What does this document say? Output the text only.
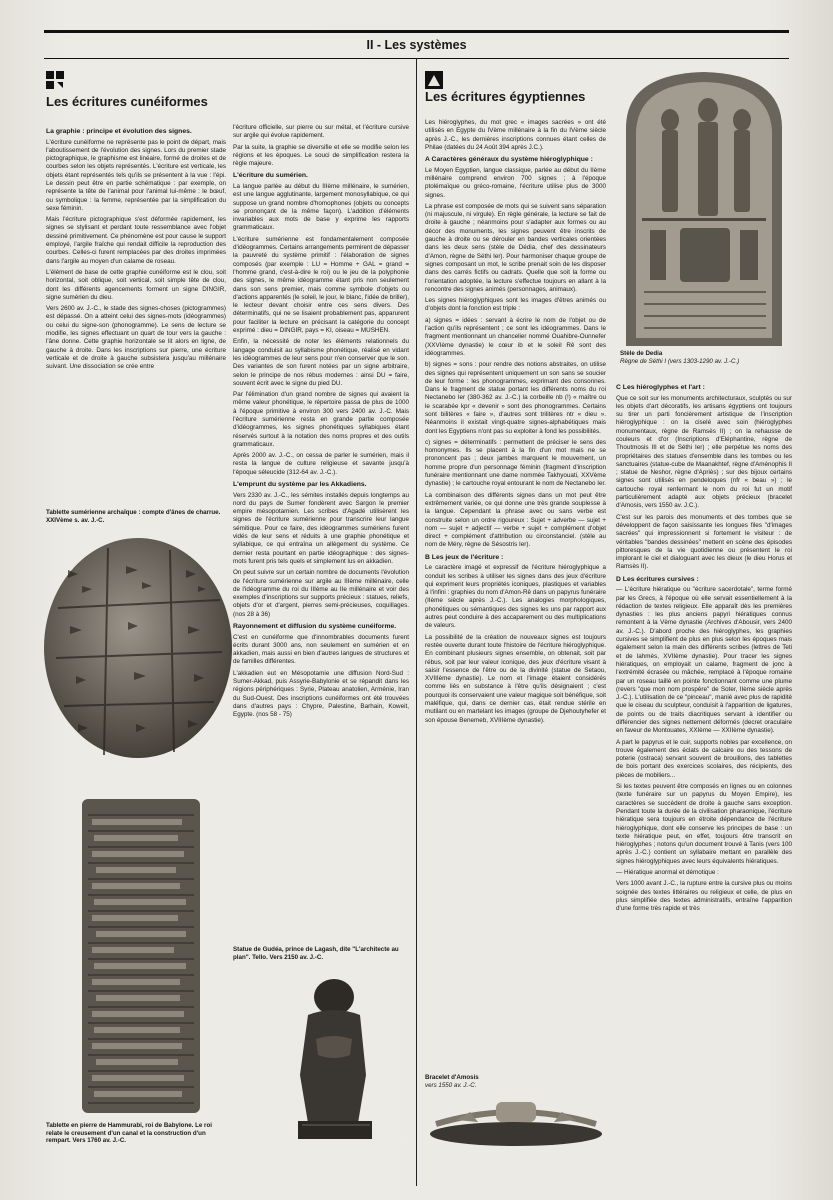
II - Les systèmes
Les écritures cunéiformes
La graphie : principe et évolution des signes.

L'écriture cunéiforme ne représente pas le point de départ, mais l'aboutissement de l'évolution des signes. Lors du premier stade pictographique, le graphisme est linéaire, formé de droites et de courbes selon les objets représentés. L'écriture est verticale, les objets étant représentés tels qu'ils se présentent à la vue : l'épi. Le dessin peut être en partie schématique : par exemple, on représente la tête de l'animal pour l'animal lui-même : le bœuf, ou symbolique : la femme, représentée par la simplification du sexe féminin.

Mais l'écriture pictographique s'est déformée rapidement, les signes se stylisant et perdant toute ressemblance avec l'objet dessiné primitivement. Ce phénomène est pour cause le support employé, l'argile fraîche qui rendait difficile la reproduction des courbes. Celles-ci furent remplacées par des droites imprimées dans l'argile au moyen d'un calame de roseau.

L'élément de base de cette graphie cunéiforme est le clou, soit horizontal, soit oblique, soit vertical, soit simple tête de clou, dont les différents agencements forment un signe DINGIR, signe sumérien du dieu.

Vers 2600 av. J.-C., le stade des signes-choses (pictogrammes) est dépassé. On a atteint celui des signes-mots (idéogrammes) ou celui du signe-son (phonogramme). Le sens de lecture se modifie, les signes effectuant un quart de tour vers la gauche : l'âne donne. Cette graphie horizontale se lit alors en ligne, de gauche à droite. Dans les inscriptions sur pierre, une écriture verticale et de droite à gauche subsistera jusqu'au millénaire suivant. Une dissociation se crée entre

Tablette sumérienne archaïque : compte d'ânes de charrue. XXIVème s. av. J.-C.
Tablette en pierre de Hammurabi, roi de Babylone. Le roi relate le creusement d'un canal et la construction d'un rempart. Vers 1760 av. J.-C.

l'écriture officielle, sur pierre ou sur métal, et l'écriture cursive sur argile qui évolue rapidement.

Par la suite, la graphie se diversifie et elle se modifie selon les régions et les époques. Le souci de simplification restera la règle majeure.

L'écriture du sumérien.

La langue parlée au début du IIIème millénaire, le sumérien, est une langue agglutinante, largement monosyllabique, ce qui suppose un grand nombre d'homophones (objets ou concepts se prononçant de la même façon). L'addition d'éléments invariables aux mots de base y exprime les rapports grammaticaux.

L'écriture sumérienne est fondamentalement composée d'idéogrammes. Certains arrangements permirent de dépasser la pauvreté du système primitif : l'élaboration de signes composés (par exemple : LU = Homme + GAL = grand = l'homme grand, c'est-à-dire le roi) ou le jeu de la polyphonie des signes, le même idéogramme étant pris non seulement dans son sens premier, mais comme symbole d'objets ou d'actions apparentés (le soleil, le jour, le blanc, l'idée de briller), le lecteur devant choisir entre ces sens divers. Des déterminatifs, qui ne se lisaient probablement pas, apparurent pour faciliter la lecture en précisant la catégorie du concept exprimé : dieu = DINGIR, pays = KI, oiseau = MUSHEN.

Enfin, la nécessité de noter les éléments relationnels du langage conduisit au syllabisme phonétique, réalisé en vidant les idéogrammes de leur sens pour n'en conserver que le son. Des variantes de son furent notées par un signe arbitraire, selon le principe de nos rébus modernes : ainsi DU = faire, souvent écrit avec le signe du pied DU.

Par l'élimination d'un grand nombre de signes qui avaient la même valeur phonétique, le répertoire passa de plus de 1000 à l'époque primitive à environ 300 vers 2400 av. J.-C. Mais l'écriture sumérienne resta en grande partie composée d'idéogrammes, les signes phonétiques syllabiques étant réservés surtout à la notation des noms propres et des outils grammaticaux.

Après 2000 av. J.-C., on cessa de parler le sumérien, mais il resta la langue de culture religieuse et savante jusqu'à l'époque séleucide (312-64 av. J.-C.).

L'emprunt du système par les Akkadiens.

Vers 2330 av. J.-C., les sémites installés depuis longtemps au nord du pays de Sumer fondèrent avec Sargon le premier empire mésopotamien. Les scribes d'Agadé utilisèrent les signes de l'écriture sumérienne pour transcrire leur langue sémitique. Pour ce faire, des idéogrammes sumériens furent vidés de leur sens et réduits à une graphie phonétique et syllabique, ce qui entraîna un allègement du système. Ce dernier resta pourtant en partie idéographique : des signes-mots furent pris tels quels et simplement lus en akkadien.

On peut suivre sur un certain nombre de documents l'évolution de l'écriture sumérienne sur argile au IIIème millénaire, celle de l'idéogramme du roi du IIIème au IIe millénaire et voir des exemples d'inscriptions sur supports précieux : statues, reliefs, objets d'or et d'argent, pierres semi-précieuses, coquillages. (nos 28 à 36)

Rayonnement et diffusion du système cunéiforme.

C'est en cunéiforme que d'innombrables documents furent écrits durant 3000 ans, non seulement en sumérien et en akkadien, mais aussi en bien d'autres langues de structures et de familles différentes.

L'akkadien eut en Mésopotamie une diffusion Nord-Sud : Sumer-Akkad, puis Assyrie-Babylonie et se répandit dans les régions périphériques : Syrie, Plateau anatolien, Arménie, Iran du Sud-Ouest. Des inscriptions cunéiformes ont été trouvées dans d'autres pays : Chypre, Palestine, Barhain, Koweit, Egypte. (nos 58 - 75)

Statue de Gudéa, prince de Lagash, dite "L'architecte au plan". Tello. Vers 2150 av. J.-C.
Les écritures égyptiennes

Les hiéroglyphes, du mot grec « images sacrées » ont été utilisés en Egypte du IVème millénaire à la fin du IVème siècle après J.-C., les dernières inscriptions connues étant celles de Philae (datées du 24 Août 394 après J.C.).

A Caractères généraux du système hiéroglyphique :

Le Moyen Egyptien, langue classique, parlée au début du IIème millénaire comprend environ 700 signes ; à l'époque ptolémaïque ou gréco-romaine, l'écriture utilise plus de 3000 signes.

La phrase est composée de mots qui se suivent sans séparation (ni majuscule, ni virgule). En règle générale, la lecture se fait de droite à gauche ; néanmoins pour s'adapter aux formes ou au décor des monuments, les signes peuvent être inscrits de gauche à droite ou se dérouler en bandes verticales orientées dans les deux sens (stèle de Dédia, chef des dessinateurs d'Amon, règne de Séthi Ier). Pour harmoniser chaque groupe de signes composant un mot, le scribe prenait soin de les disposer dans des carrés fictifs ou cadrats. Quelle que soit la forme ou l'orientation adoptée, la lecture s'effectue toujours en allant à la rencontre des signes animés (personnages, animaux).

Les signes hiéroglyphiques sont les images d'êtres animés ou d'objets dont la fonction est triple :

a) signes = idées : servant à écrire le nom de l'objet ou de l'action qu'ils représentent ; ce sont les idéogrammes. Dans le fragment mentionnant un chancelier nommé Ouahibre-Ounnefer (XXVIème dynastie) le cœur ib et le soleil Rê sont des idéogrammes.

b) signes = sons : pour rendre des notions abstraites, on utilise des signes qui représentent uniquement un son sans se soucier de leur forme : les phonogrammes, exprimant des consonnes. Dans le fragment de statue portant les différents noms du roi Nectanebo Ier (380-362 av. J.-C.) la corbeille nb (!) « maître ou le scarabée kpr « devenir » sont des phonogrammes. Certains sont bilitères « faire », d'autres sont trilitères ntr « dieu ». Néanmoins il existait vingt-quatre signes-alphabétiques mais dont les Egyptiens n'ont pas su exploiter à fond les possibilités.

c) signes = déterminatifs : permettent de préciser le sens des homonymes. Ils se placent à la fin d'un mot mais ne se prononcent pas ; deux jambes marquent le mouvement, un homme propre d'un personnage féminin (fragment d'inscription funéraire mentionnant une dame nommée Takhyouati, XXVème dynastie) ; le cartouche royal entourant le nom de Nectanebo Ier.

La combinaison des différents signes dans un mot peut être extrêmement variée, ce qui donne une très grande souplesse à la langue. Cependant la phrase avec ou sans verbe est construite selon un ordre rigoureux : Sujet + adverbe — sujet + nom — sujet + adjectif — verbe + sujet + complément d'objet direct + complément d'attribution ou circonstanciel. (stèle au nom de Méry, règne de Sésostris Ier).

B Les jeux de l'écriture :

Le caractère imagé et expressif de l'écriture hiéroglyphique a conduit les scribes à utiliser les signes dans des jeux d'écriture qui expriment leurs propriétés iconiques, plastiques et variables à l'infini : graphies du nom d'Amon-Rê dans un papyrus funéraire (IIème siècle après J.-C.). Les analogies morphologiques, phonétiques ou sémantiques des signes les uns par rapport aux autres peut conduire à des accaparement ou des multiplications de valeurs.

La possibilité de la création de nouveaux signes est toujours restée ouverte durant toute l'histoire de l'écriture hiéroglyphique. En combinant plusieurs signes ensemble, on obtenait, soit par rébus, soit par leur valeur iconique, des jeux d'écriture visant à saisir l'essence de l'être ou de la divinité (statue de Setaou, XVIIIème dynastie). Le nom et l'image étaient considérés comme liés en substance à l'être qu'ils désignaient ; c'est pourquoi ils conservaient une valeur magique soit bénéfique, soit maléfique, qui, dans ce dernier cas, était rendue stérile en mutilant ou en martelant les images (groupe de Djehoutyhefer et son épouse Benemeb, XVIIIème dynastie).

Bracelet d'Amosis
vers 1550 av. J.-C.
Stèle de Dedia
Règne de Séthi I (vers 1303-1290 av. J.-C.)
C Les hiéroglyphes et l'art :

Que ce soit sur les monuments architecturaux, sculptés ou sur les objets d'art décoratifs, les artisans égyptiens ont toujours su tirer un parti foncièrement artistique de l'inscription hiéroglyphique : on la ciselé avec soin (hiéroglyphes monumentaux, règne de Ramsès II) ; on la rehausse de couleurs et d'or (Inscriptions d'Eléphantine, règne de Thoutmosis III et de Séthi Ier) ; elle perpétue les noms des propriétaires des statues d'ensemble dans les tombes ou les sanctuaires (statue-cube de Maanakhtef, règne d'Aménophis II ; statue de Neshor, règne d'Apriès) ; sur des bijoux certains signes sont utilisés en pendeloques (nfr « beau ») ; le cartouche royal renfermant le nom du roi fut un motif particulièrement adapté aux objets précieux (bracelet d'Amosis, vers 1550 av. J.C.).

C'est sur les parois des monuments et des tombes que se développent de façon saisissante les longues files "d'images sacrées" qui impressionnent si fortement le visiteur : de véritables "bandes dessinées" mettent en scène des épisodes pittoresques de la vie quotidienne ou présentent le roi implorant le ciel et dialoguant avec les dieux (le dieu Horus et Ramsès II).

D Les écritures cursives :

— L'écriture hiératique ou "écriture sacerdotale", terme formé par les Grecs, à l'époque où elle servait essentiellement à la rédaction de textes religieux. Elle apparaît dès les premières dynasties : les plus anciens papyri hiératiques connus remontent à la Vème dynastie (Archives d'Abousir, vers 2400 av. J.-C.). D'abord proche des hiéroglyphes, les graphies cursives se simplifient de plus en plus selon les époques mais également selon la main des différents scribes (lettres de Teti et de lahmès, XVIIème dynastie). Pour tracer les signes hiératiques, on employait un calame, fragment de jonc à l'extrémité écrasée ou mâchée, remplacé à l'époque romaine par un roseau taillé en pointe fonctionnant comme une plume (revers "que mon nom prospère" de Soter, IIème siècle après J.-C.). L'utilisation de ce "pinceau", manié avec plus de rapidité que le ciseau du sculpteur, conduisit à l'apparition de ligatures, de points ou de traits diacritiques servant à identifier ou différencier des signes nettement déformés (decret oraculaire en faveur de Montouates, XXIème — XXIIème dynastie).

A part le papyrus et le cuir, supports nobles par excellence, on trouve également des éclats de calcaire ou des tessons de poterie (ostraca) servant souvent de brouillons, des tablettes de bois portant des exercices scolaires, des récipients, des pièces de mobiliers...

Si les textes peuvent être composés en lignes ou en colonnes (texte funéraire sur un papyrus du Moyen Empire), les caractères se succèdent de droite à gauche sans exception. Pendant toute la durée de la civilisation pharaonique, l'écriture hiératique sera toujours en étroite dépendance de l'écriture hiéroglyphique, dont elle conserve les principes de base : un texte hiératique peut, en effet, toujours être transcrit en hiéroglyphes ; notons qu'un document trouvé à Tanis (vers 100 après J.-C.) contient un syllabaire mettant en parallèle des signes hiéroglyphiques avec leurs équivalents hiératiques.

— Hiératique anormal et démotique :

Vers 1000 avant J.-C., la rupture entre la cursive plus ou moins soignée des textes littéraires ou religieux et celle, de plus en plus simplifiée des textes administratifs, entraîne l'apparition d'une forme très rapide et très
